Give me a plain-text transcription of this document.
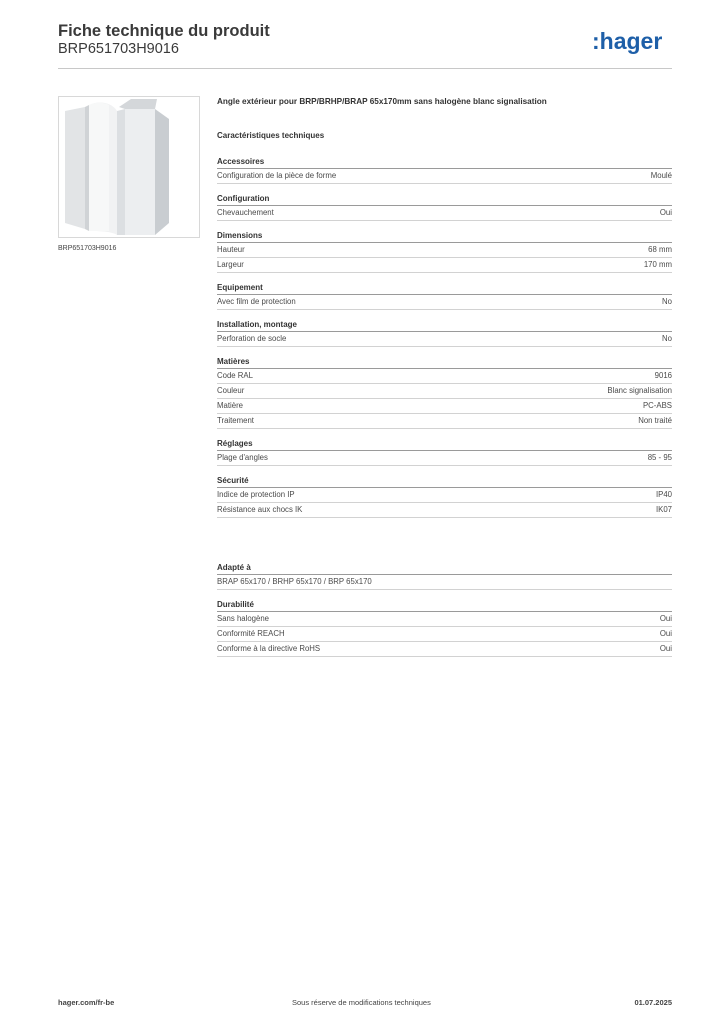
Fiche technique du produit
BRP651703H9016	:hager
BRP651703H9016
Angle extérieur pour BRP/BRHP/BRAP 65x170mm sans halogène blanc signalisation
Caractéristiques techniques
Accessoires
Configuration de la pièce de forme	Moulé
Configuration
Chevauchement	Oui
Dimensions
Hauteur	68 mm
Largeur	170 mm
Equipement
Avec film de protection	No
Installation, montage
Perforation de socle	No
Matières
Code RAL	9016
Couleur	Blanc signalisation
Matière	PC-ABS
Traitement	Non traité
Réglages
Plage d'angles	85 - 95
Sécurité
Indice de protection IP	IP40
Résistance aux chocs IK	IK07
Adapté à
BRAP 65x170 / BRHP 65x170 / BRP 65x170
Durabilité
Sans halogène	Oui
Conformité REACH	Oui
Conforme à la directive RoHS	Oui
hager.com/fr-be	Sous réserve de modifications techniques	01.07.2025
